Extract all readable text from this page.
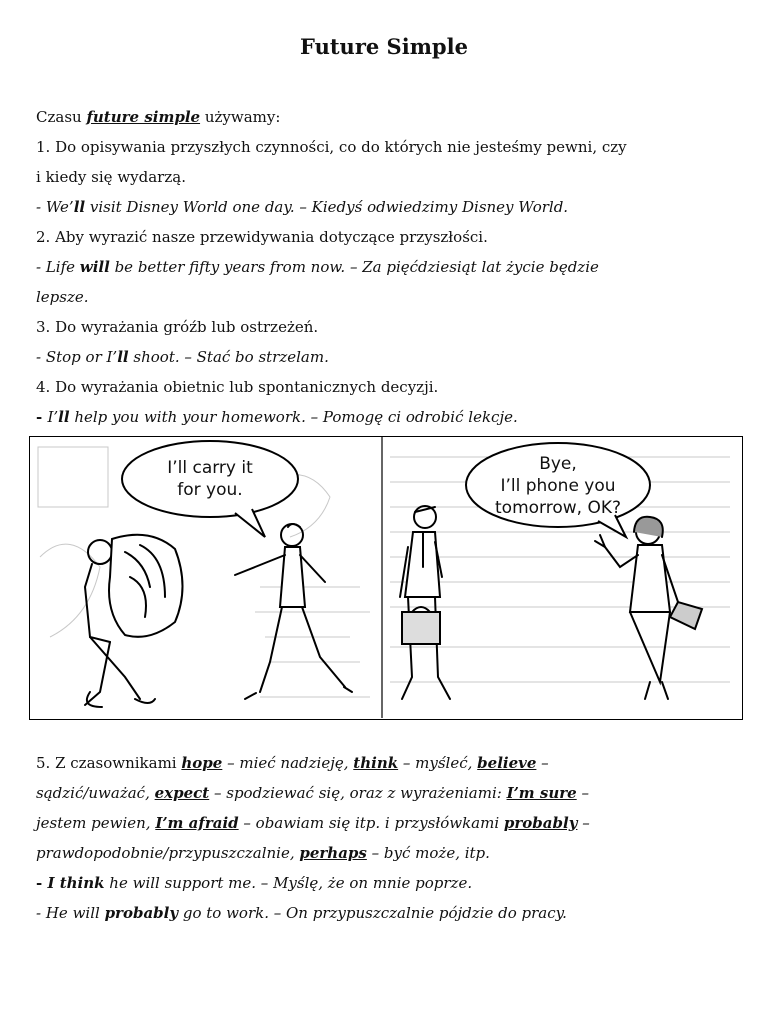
Future Simple
Czasu future simple używamy:
1. Do opisywania przyszłych czynności, co do których nie jesteśmy pewni, czy
i kiedy się wydarzą.
- We’ll visit Disney World one day. – Kiedyś odwiedzimy Disney World.
2. Aby wyrazić nasze przewidywania dotyczące przyszłości.
- Life will be better fifty years from now. – Za pięćdziesiąt lat życie będzie
lepsze.
3. Do wyrażania gróźb lub ostrzeżeń.
- Stop or I’ll shoot. – Stać bo strzelam.
4. Do wyrażania obietnic lub spontanicznych decyzji.
- I’ll help you with your homework. – Pomogę ci odrobić lekcje.
I’ll carry it
for you.
Bye,
I’ll phone you
tomorrow, OK?
5. Z czasownikami hope – mieć nadzieję, think – myśleć, believe –
sądzić/uważać, expect – spodziewać się, oraz z wyrażeniami: I’m sure –
jestem pewien, I’m afraid – obawiam się itp. i przysłówkami probably –
prawdopodobnie/przypuszczalnie, perhaps – być może, itp.
- I think he will support me. – Myślę, że on mnie poprze.
- He will probably go to work. – On przypuszczalnie pójdzie do pracy.
